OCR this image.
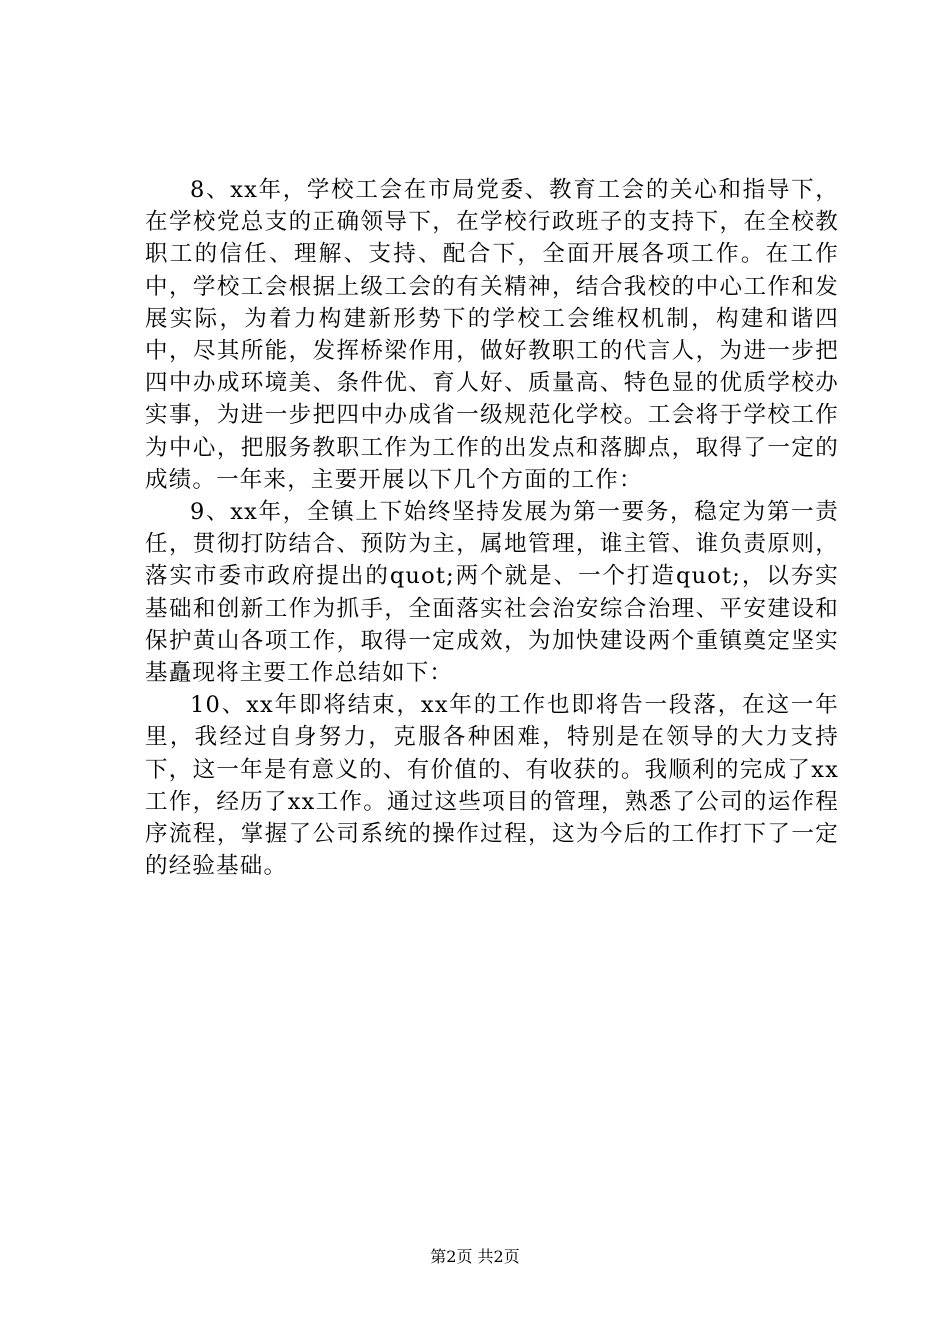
8、xx年，学校工会在市局党委、教育工会的关心和指导下，在学校党总支的正确领导下，在学校行政班子的支持下，在全校教职工的信任、理解、支持、配合下，全面开展各项工作。在工作中，学校工会根据上级工会的有关精神，结合我校的中心工作和发展实际，为着力构建新形势下的学校工会维权机制，构建和谐四中，尽其所能，发挥桥梁作用，做好教职工的代言人，为进一步把四中办成环境美、条件优、育人好、质量高、特色显的优质学校办实事，为进一步把四中办成省一级规范化学校。工会将于学校工作为中心，把服务教职工作为工作的出发点和落脚点，取得了一定的成绩。一年来，主要开展以下几个方面的工作：

9、xx年，全镇上下始终坚持发展为第一要务，稳定为第一责任，贯彻打防结合、预防为主，属地管理，谁主管、谁负责原则，落实市委市政府提出的quot;两个就是、一个打造quot;，以夯实基础和创新工作为抓手，全面落实社会治安综合治理、平安建设和保护黄山各项工作，取得一定成效，为加快建设两个重镇奠定坚实基矗现将主要工作总结如下：

10、xx年即将结束，xx年的工作也即将告一段落，在这一年里，我经过自身努力，克服各种困难，特别是在领导的大力支持下，这一年是有意义的、有价值的、有收获的。我顺利的完成了xx工作，经历了xx工作。通过这些项目的管理，熟悉了公司的运作程序流程，掌握了公司系统的操作过程，这为今后的工作打下了一定的经验基础。

第2页 共2页
